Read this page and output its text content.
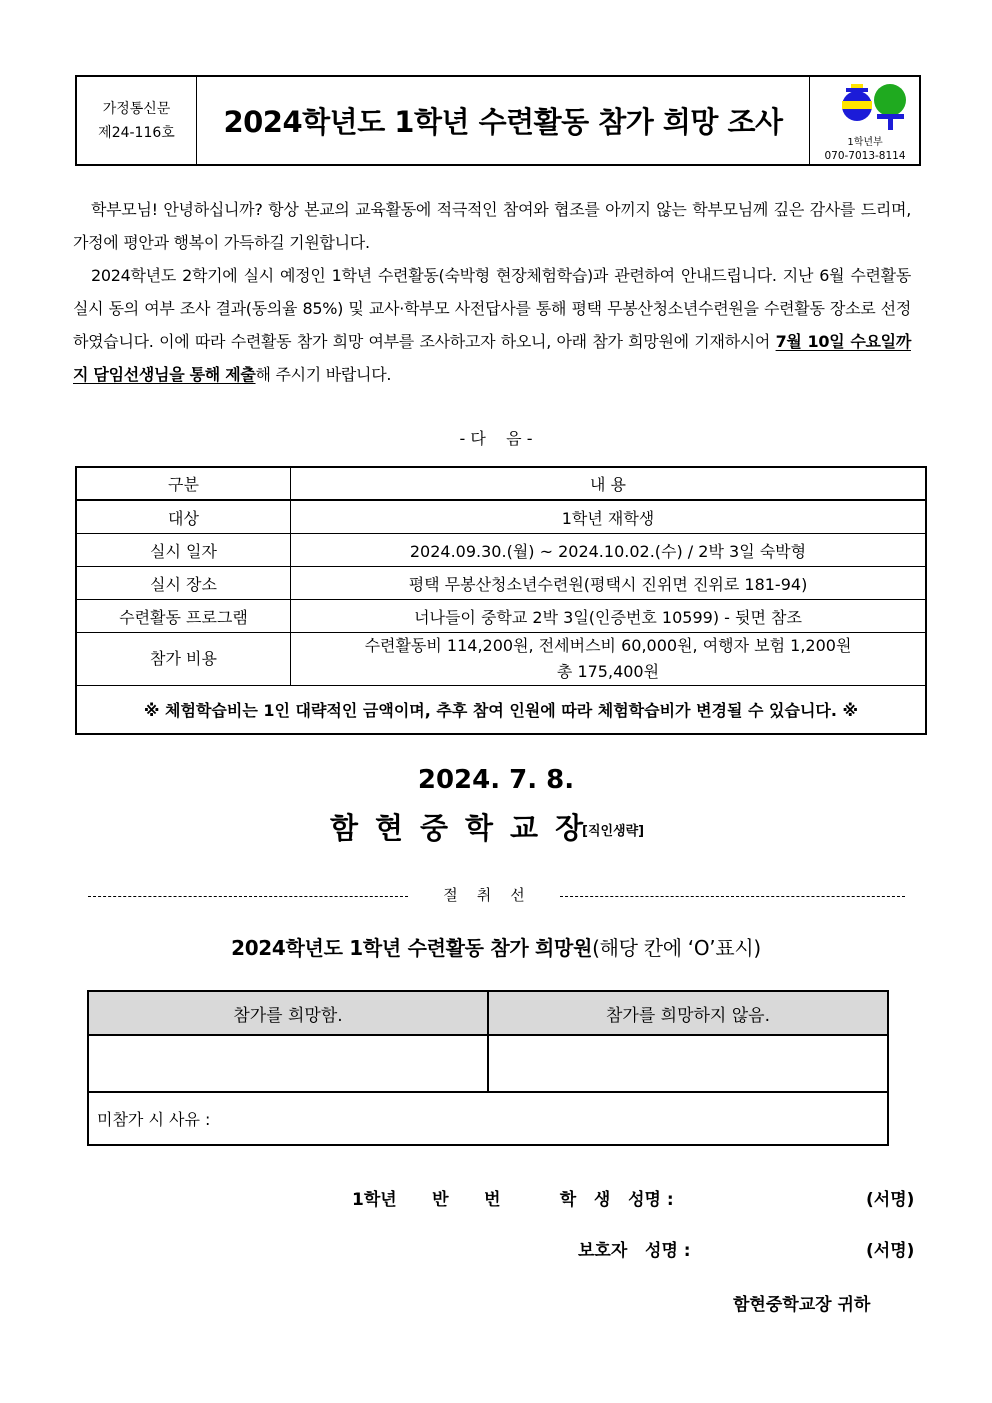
가정통신문
제24-116호	2024학년도 1학년 수련활동 참가 희망 조사
1학년부
070-7013-8114
학부모님! 안녕하십니까? 항상 본교의 교육활동에 적극적인 참여와 협조를 아끼지 않는 학부모님께 깊은 감사를 드리며, 가정에 평안과 행복이 가득하길 기원합니다.
2024학년도 2학기에 실시 예정인 1학년 수련활동(숙박형 현장체험학습)과 관련하여 안내드립니다. 지난 6월 수련활동 실시 동의 여부 조사 결과(동의율 85%) 및 교사·학부모 사전답사를 통해 평택 무봉산청소년수련원을 수련활동 장소로 선정하였습니다. 이에 따라 수련활동 참가 희망 여부를 조사하고자 하오니, 아래 참가 희망원에 기재하시어 7월 10일 수요일까지 담임선생님을 통해 제출해 주시기 바랍니다.
- 다    음 -
구분	내 용
대상	1학년 재학생
실시 일자	2024.09.30.(월) ~ 2024.10.02.(수) / 2박 3일 숙박형
실시 장소	평택 무봉산청소년수련원(평택시 진위면 진위로 181-94)
수련활동 프로그램	너나들이 중학교 2박 3일(인증번호 10599) - 뒷면 참조
참가 비용	수련활동비 114,200원, 전세버스비 60,000원, 여행자 보험 1,200원
총 175,400원

※ 체험학습비는 1인 대략적인 금액이며, 추후 참여 인원에 따라 체험학습비가 변경될 수 있습니다. ※	
2024. 7. 8.
함현중학교장
[직인생략]
절    취    선
2024학년도 1학년 수련활동 참가 희망원(해당 칸에 ‘O’표시)
참가를 희망함.	참가를 희망하지 않음.

미참가 시 사유 :	
1학년      반      번          학   생   성명 :	(서명)
보호자   성명 :	(서명)
함현중학교장 귀하
